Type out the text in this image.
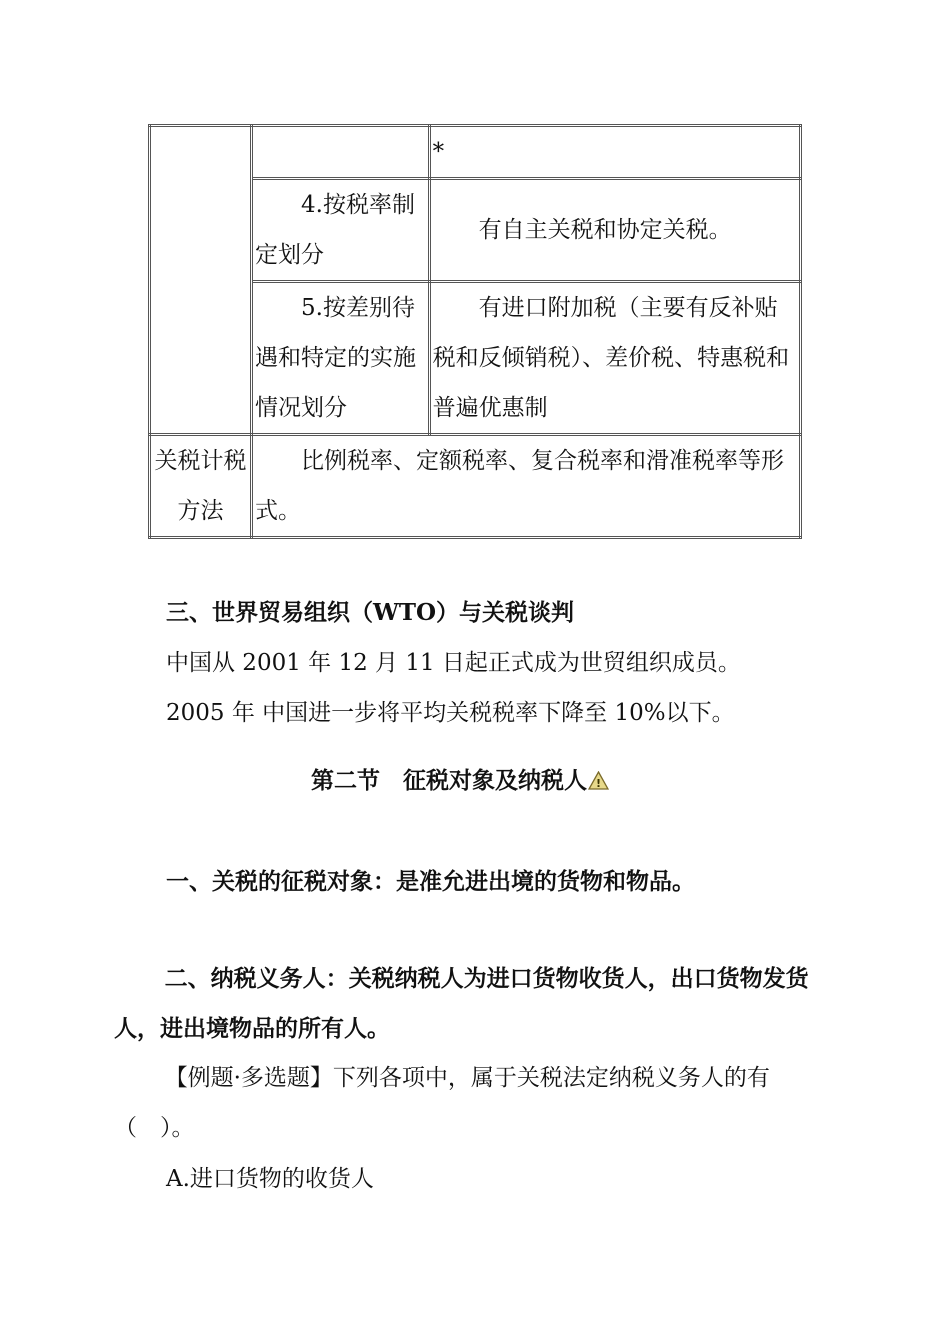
		*
	4.按税率制定划分	有自主关税和协定关税。
	5.按差别待遇和特定的实施情况划分	有进口附加税（主要有反补贴税和反倾销税）、差价税、特惠税和普遍优惠制
关税计税方法	比例税率、定额税率、复合税率和滑准税率等形式。	

三、世界贸易组织（WTO）与关税谈判

中国从 2001 年 12 月 11 日起正式成为世贸组织成员。

2005 年 中国进一步将平均关税税率下降至 10%以下。

第二节　征税对象及纳税人 !

一、关税的征税对象：是准允进出境的货物和物品。

二、纳税义务人：关税纳税人为进口货物收货人，出口货物发货人，进出境物品的所有人。

【例题·多选题】下列各项中，属于关税法定纳税义务人的有（　）。

A.进口货物的收货人
